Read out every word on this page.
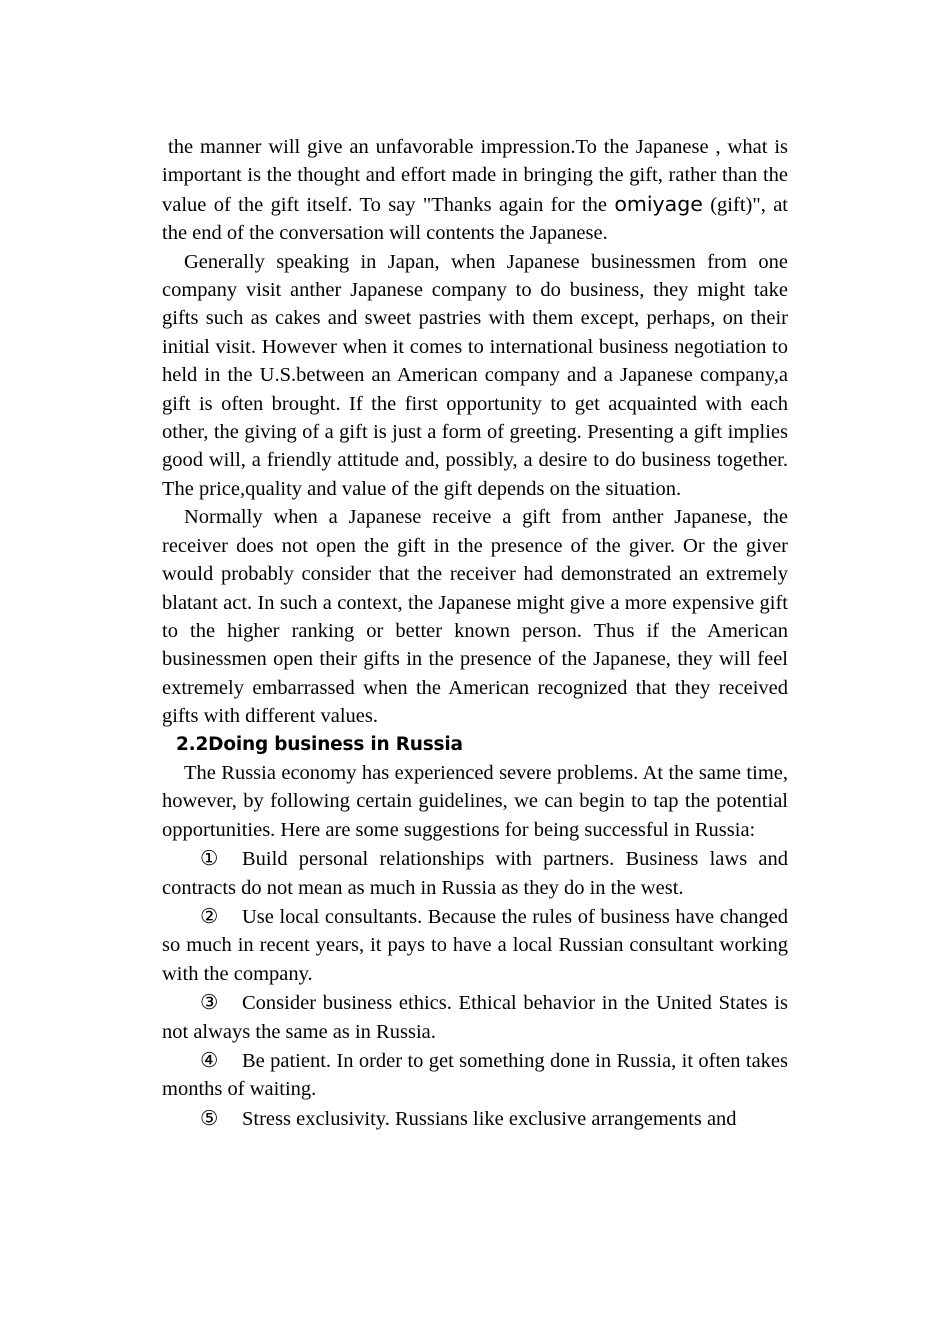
the manner will give an unfavorable impression.To the Japanese , what is important is the thought and effort made in bringing the gift, rather than the value of the gift itself. To say "Thanks again for the omiyage (gift)", at the end of the conversation will contents the Japanese.

Generally speaking in Japan, when Japanese businessmen from one company visit anther Japanese company to do business, they might take gifts such as cakes and sweet pastries with them except, perhaps, on their initial visit. However when it comes to international business negotiation to held in the U.S.between an American company and a Japanese company,a gift is often brought. If the first opportunity to get acquainted with each other, the giving of a gift is just a form of greeting. Presenting a gift implies good will, a friendly attitude and, possibly, a desire to do business together. The price,quality and value of the gift depends on the situation.

Normally when a Japanese receive a gift from anther Japanese, the receiver does not open the gift in the presence of the giver. Or the giver would probably consider that the receiver had demonstrated an extremely blatant act. In such a context, the Japanese might give a more expensive gift to the higher ranking or better known person. Thus if the American businessmen open their gifts in the presence of the Japanese, they will feel extremely embarrassed when the American recognized that they received gifts with different values.

2.2Doing business in Russia

The Russia economy has experienced severe problems. At the same time, however, by following certain guidelines, we can begin to tap the potential opportunities. Here are some suggestions for being successful in Russia:

① Build personal relationships with partners. Business laws and contracts do not mean as much in Russia as they do in the west.
② Use local consultants. Because the rules of business have changed so much in recent years, it pays to have a local Russian consultant working with the company.
③ Consider business ethics. Ethical behavior in the United States is not always the same as in Russia.
④ Be patient. In order to get something done in Russia, it often takes months of waiting.
⑤ Stress exclusivity. Russians like exclusive arrangements and
